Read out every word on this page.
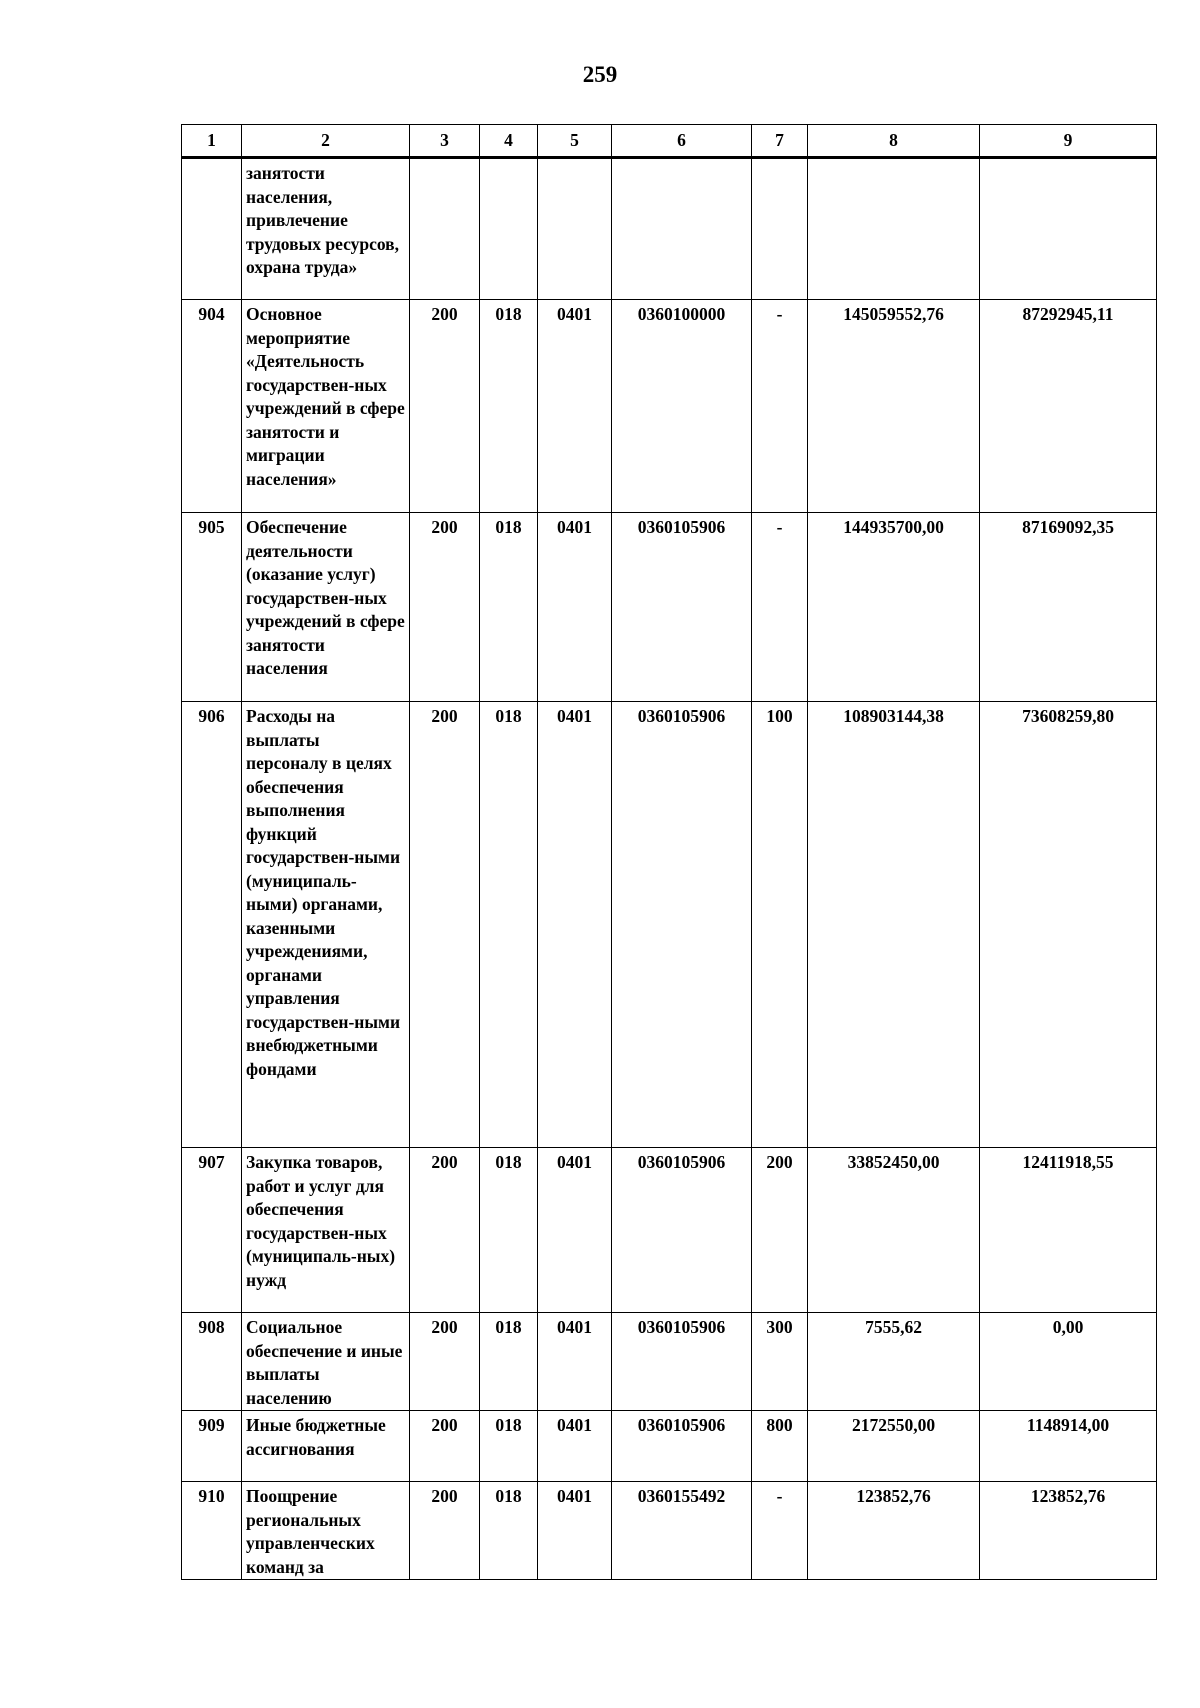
259
1	2	3	4	5	6	7	8	9
	занятости населения, привлечение трудовых ресурсов, охрана труда»							
904	Основное мероприятие «Деятельность государствен-ных учреждений в сфере занятости и миграции населения»	200	018	0401	0360100000	-	145059552,76	87292945,11
905	Обеспечение деятельности (оказание услуг) государствен-ных учреждений в сфере занятости населения	200	018	0401	0360105906	-	144935700,00	87169092,35
906	Расходы на выплаты персоналу в целях обеспечения выполнения функций государствен-ными (муниципаль-ными) органами, казенными учреждениями, органами управления государствен-ными внебюджетными фондами	200	018	0401	0360105906	100	108903144,38	73608259,80
907	Закупка товаров, работ и услуг для обеспечения государствен-ных (муниципаль-ных) нужд	200	018	0401	0360105906	200	33852450,00	12411918,55
908	Социальное обеспечение и иные выплаты населению	200	018	0401	0360105906	300	7555,62	0,00
909	Иные бюджетные ассигнования	200	018	0401	0360105906	800	2172550,00	1148914,00
910	Поощрение региональных управленческих команд за	200	018	0401	0360155492	-	123852,76	123852,76
